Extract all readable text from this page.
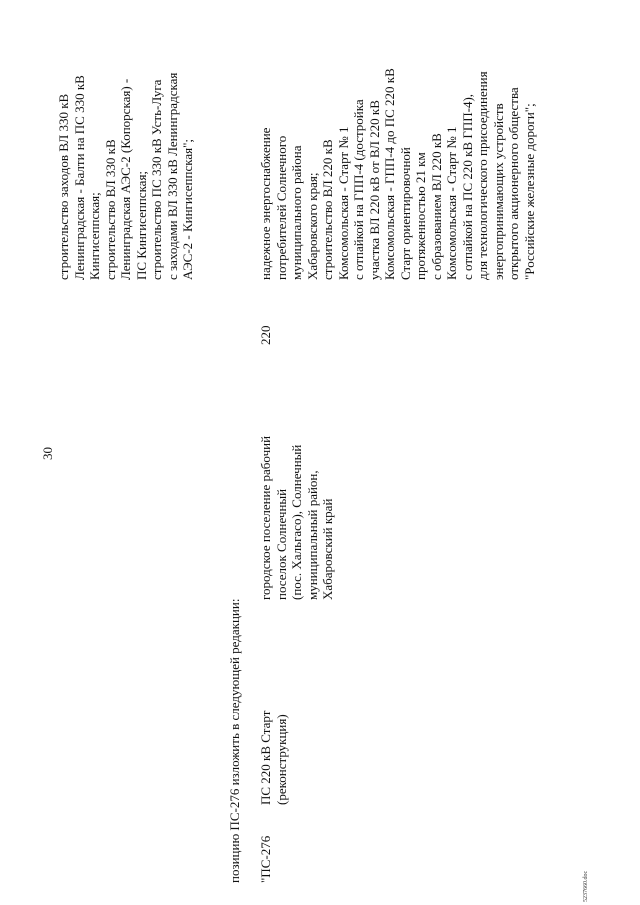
30
строительство заходов ВЛ 330 кВ Ленинградская - Балти на ПС 330 кВ Кингисеппская; строительство ВЛ 330 кВ Ленинградская АЭС-2 (Копорская) - ПС Кингисеппская; строительство ПС 330 кВ Усть-Луга с заходами ВЛ 330 кВ Ленинградская АЭС-2 - Кингисеппская";
позицию ПС-276 изложить в следующей редакции: "ПС-276
ПС 220 кВ Старт (реконструкция)
городское поселение рабочий поселок Солнечный (пос. Хальгасо), Солнечный муниципальный район, Хабаровский край
220
надежное энергоснабжение потребителей Солнечного муниципального района Хабаровского края; строительство ВЛ 220 кВ Комсомольская - Старт № 1 с отпайкой на ГПП-4 (достройка участка ВЛ 220 кВ от ВЛ 220 кВ Комсомольская - ГПП-4 до ПС 220 кВ Старт ориентировочной протяженностью 21 км с образованием ВЛ 220 кВ Комсомольская - Старт № 1 с отпайкой на ПС 220 кВ ГПП-4), для технологического присоединения энергопринимающих устройств открытого акционерного общества "Российские железные дороги";
5237660.doc
